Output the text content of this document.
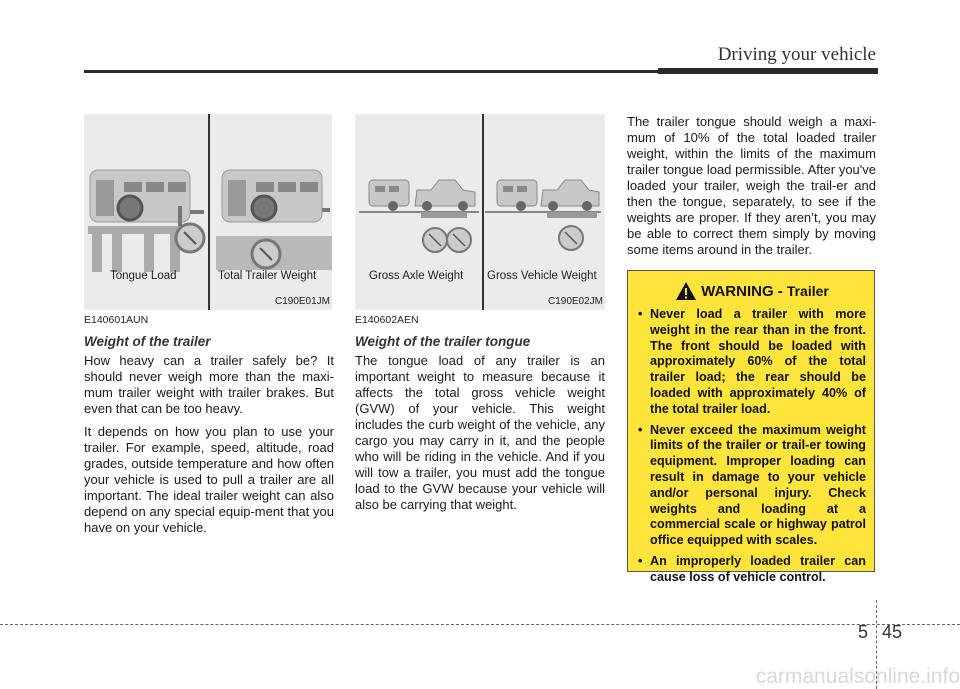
Driving your vehicle
Tongue Load	Total Trailer Weight
C190E01JM
Gross Axle Weight Gross Vehicle Weight
C190E02JM
E140601AUN
Weight of the trailer

How heavy can a trailer safely be? It should never weigh more than the maxi-mum trailer weight with trailer brakes. But even that can be too heavy.

It depends on how you plan to use your trailer. For example, speed, altitude, road grades, outside temperature and how often your vehicle is used to pull a trailer are all important. The ideal trailer weight can also depend on any special equip-ment that you have on your vehicle.

E140602AEN
Weight of the trailer tongue

The tongue load of any trailer is an important weight to measure because it affects the total gross vehicle weight (GVW) of your vehicle. This weight includes the curb weight of the vehicle, any cargo you may carry in it, and the people who will be riding in the vehicle. And if you will tow a trailer, you must add the tongue load to the GVW because your vehicle will also be carrying that weight.

The trailer tongue should weigh a maxi-mum of 10% of the total loaded trailer weight, within the limits of the maximum trailer tongue load permissible. After you've loaded your trailer, weigh the trail-er and then the tongue, separately, to see if the weights are proper. If they aren’t, you may be able to correct them simply by moving some items around in the trailer.

WARNING - Trailer
• Never load a trailer with more weight in the rear than in the front. The front should be loaded with approximately 60% of the total trailer load; the rear should be loaded with approximately 40% of the total trailer load.
• Never exceed the maximum weight limits of the trailer or trail-er towing equipment. Improper loading can result in damage to your vehicle and/or personal injury. Check weights and loading at a commercial scale or highway patrol office equipped with scales.
• An improperly loaded trailer can cause loss of vehicle control.
5 45
carmanualsonline.info
